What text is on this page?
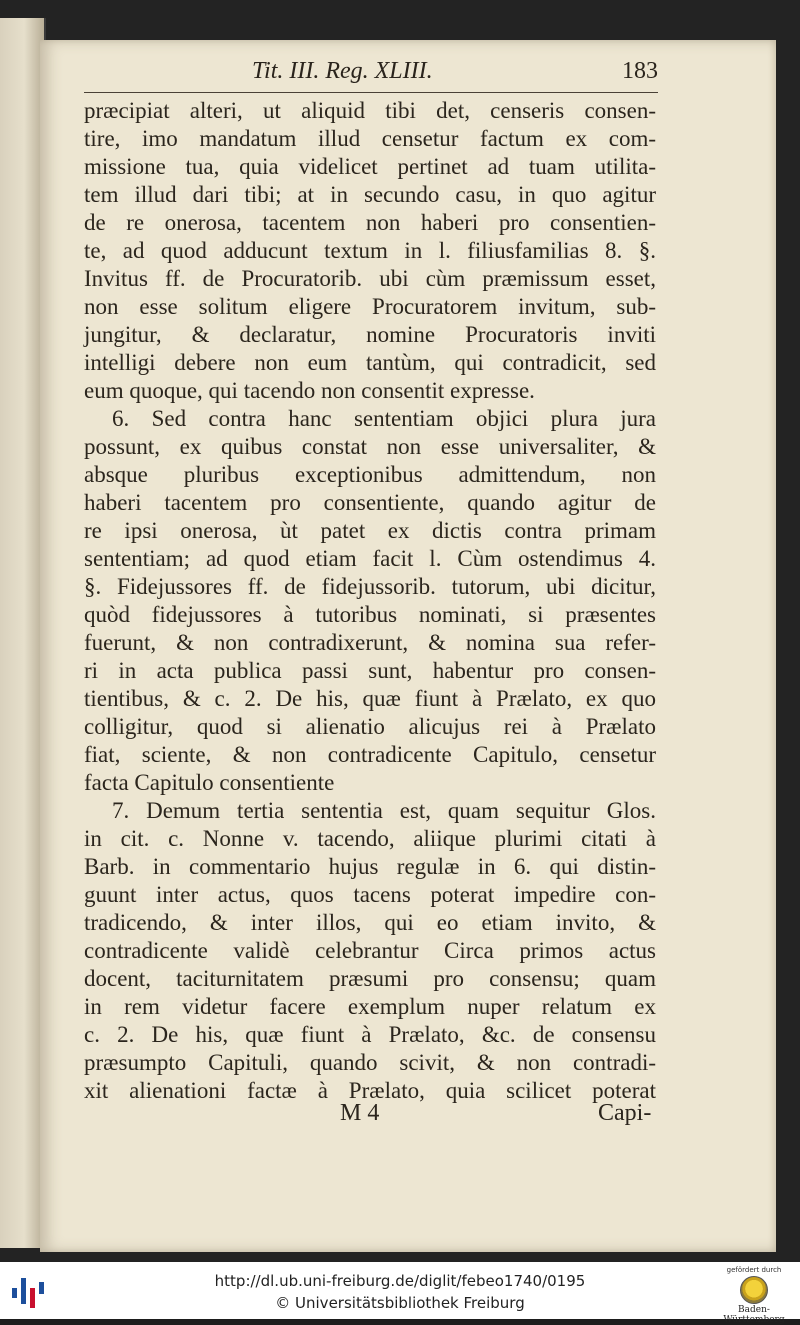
Tit. III. Reg. XLIII.	183
præcipiat alteri, ut aliquid tibi det, censeris consen-
tire, imo mandatum illud censetur factum ex com-
missione tua, quia videlicet pertinet ad tuam utilita-
tem illud dari tibi; at in secundo casu, in quo agitur
de re onerosa, tacentem non haberi pro consentien-
te, ad quod adducunt textum in l. filiusfamilias 8. §.
Invitus ff. de Procuratorib. ubi cùm præmissum esset,
non esse solitum eligere Procuratorem invitum, sub-
jungitur, & declaratur, nomine Procuratoris inviti
intelligi debere non eum tantùm, qui contradicit, sed
eum quoque, qui tacendo non consentit expresse.
6. Sed contra hanc sententiam objici plura jura
possunt, ex quibus constat non esse universaliter, &
absque pluribus exceptionibus admittendum, non
haberi tacentem pro consentiente, quando agitur de
re ipsi onerosa, ùt patet ex dictis contra primam
sententiam; ad quod etiam facit l. Cùm ostendimus 4.
§. Fidejussores ff. de fidejussorib. tutorum, ubi dicitur,
quòd fidejussores à tutoribus nominati, si præsentes
fuerunt, & non contradixerunt, & nomina sua refer-
ri in acta publica passi sunt, habentur pro consen-
tientibus, & c. 2. De his, quæ fiunt à Prælato, ex quo
colligitur, quod si alienatio alicujus rei à Prælato
fiat, sciente, & non contradicente Capitulo, censetur
facta Capitulo consentiente
7. Demum tertia sententia est, quam sequitur Glos.
in cit. c. Nonne v. tacendo, aliique plurimi citati à
Barb. in commentario hujus regulæ in 6. qui distin-
guunt inter actus, quos tacens poterat impedire con-
tradicendo, & inter illos, qui eo etiam invito, &
contradicente validè celebrantur Circa primos actus
docent, taciturnitatem præsumi pro consensu; quam
in rem videtur facere exemplum nuper relatum ex
c. 2. De his, quæ fiunt à Prælato, &c. de consensu
præsumpto Capituli, quando scivit, & non contradi-
xit alienationi factæ à Prælato, quia scilicet poterat
M 4	Capi-
http://dl.ub.uni-freiburg.de/diglit/febeo1740/0195
© Universitätsbibliothek Freiburg
gefördert durch
Baden-Württemberg
